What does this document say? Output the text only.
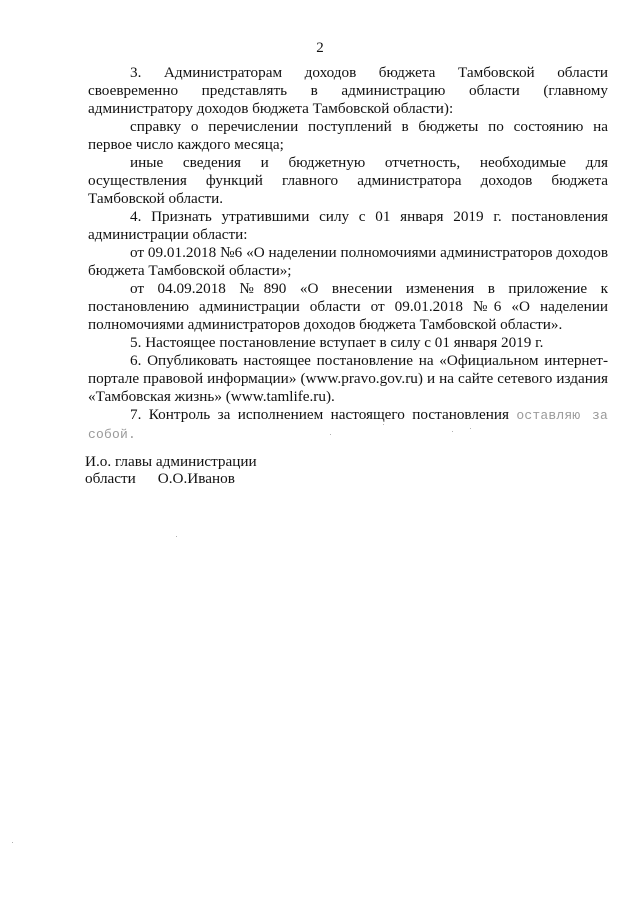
2

3. Администраторам доходов бюджета Тамбовской области своевременно представлять в администрацию области (главному администратору доходов бюджета Тамбовской области):

справку о перечислении поступлений в бюджеты по состоянию на первое число каждого месяца;

иные сведения и бюджетную отчетность, необходимые для осуществления функций главного администратора доходов бюджета Тамбовской области.

4. Признать утратившими силу с 01 января 2019 г. постановления администрации области:

от 09.01.2018 №6 «О наделении полномочиями администраторов доходов бюджета Тамбовской области»;

от 04.09.2018 №890 «О внесении изменения в приложение к постановлению администрации области от 09.01.2018 №6 «О наделении полномочиями администраторов доходов бюджета Тамбовской области».

5. Настоящее постановление вступает в силу с 01 января 2019 г.

6. Опубликовать настоящее постановление на «Официальном интернет-портале правовой информации» (www.pravo.gov.ru) и на сайте сетевого издания «Тамбовская жизнь» (www.tamlife.ru).

7. Контроль за исполнением настоящего постановления оставляю за собой.

И.о. главы администрации

области О.О.Иванов
